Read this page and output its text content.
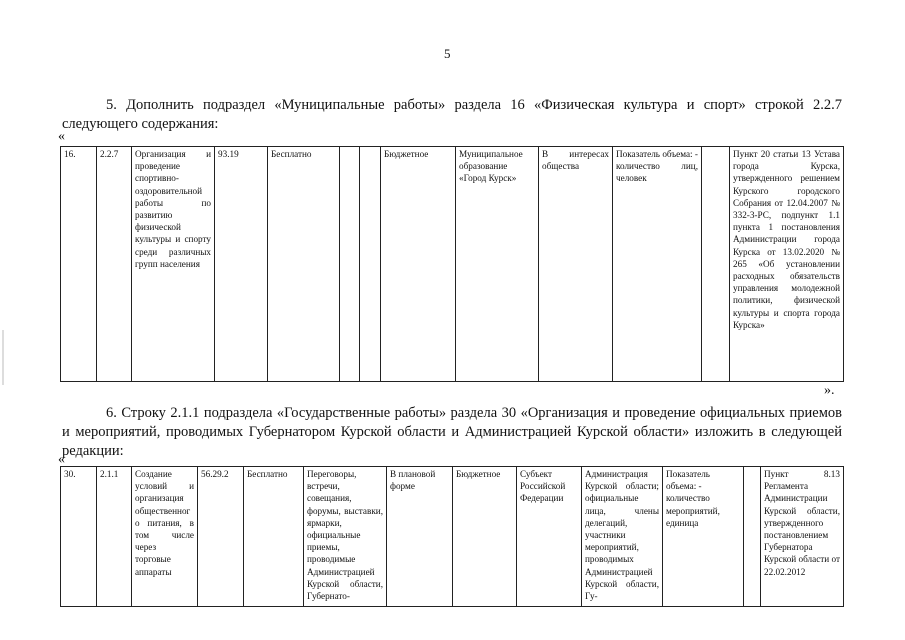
5
5. Дополнить подраздел «Муниципальные работы» раздела 16 «Физическая культура и спорт» строкой 2.2.7 следующего содержания:
«
16.	2.2.7	Организация и проведение спортивно-оздоровительной работы по развитию физической культуры и спорту среди различных групп населения	93.19	Бесплатно			Бюджетное	Муниципальное образование «Город Курск»	В интересах общества	Показатель объема: - количество лиц, человек		Пункт 20 статьи 13 Устава города Курска, утвержденного решением Курского городского Собрания от 12.04.2007 № 332-3-РС, подпункт 1.1 пункта 1 постановления Администрации города Курска от 13.02.2020 № 265 «Об установлении расходных обязательств управления молодежной политики, физической культуры и спорта города Курска»
».
6. Строку 2.1.1 подраздела «Государственные работы» раздела 30 «Организация и проведение официальных приемов и мероприятий, проводимых Губернатором Курской области и Администрацией Курской области» изложить в следующей редакции:
«
30.	2.1.1	Создание условий и организация общественного питания, в том числе через торговые аппараты	56.29.2	Бесплатно	Переговоры, встречи, совещания, форумы, выставки, ярмарки, официальные приемы, проводимые Администрацией Курской области, Губернато-	В плановой форме	Бюджетное	Субъект Российской Федерации	Администрация Курской области; официальные лица, члены делегаций, участники мероприятий, проводимых Администрацией Курской области, Гу-	Показатель объема: - количество мероприятий, единица		Пункт 8.13 Регламента Администрации Курской области, утвержденного постановлением Губернатора Курской области от 22.02.2012
